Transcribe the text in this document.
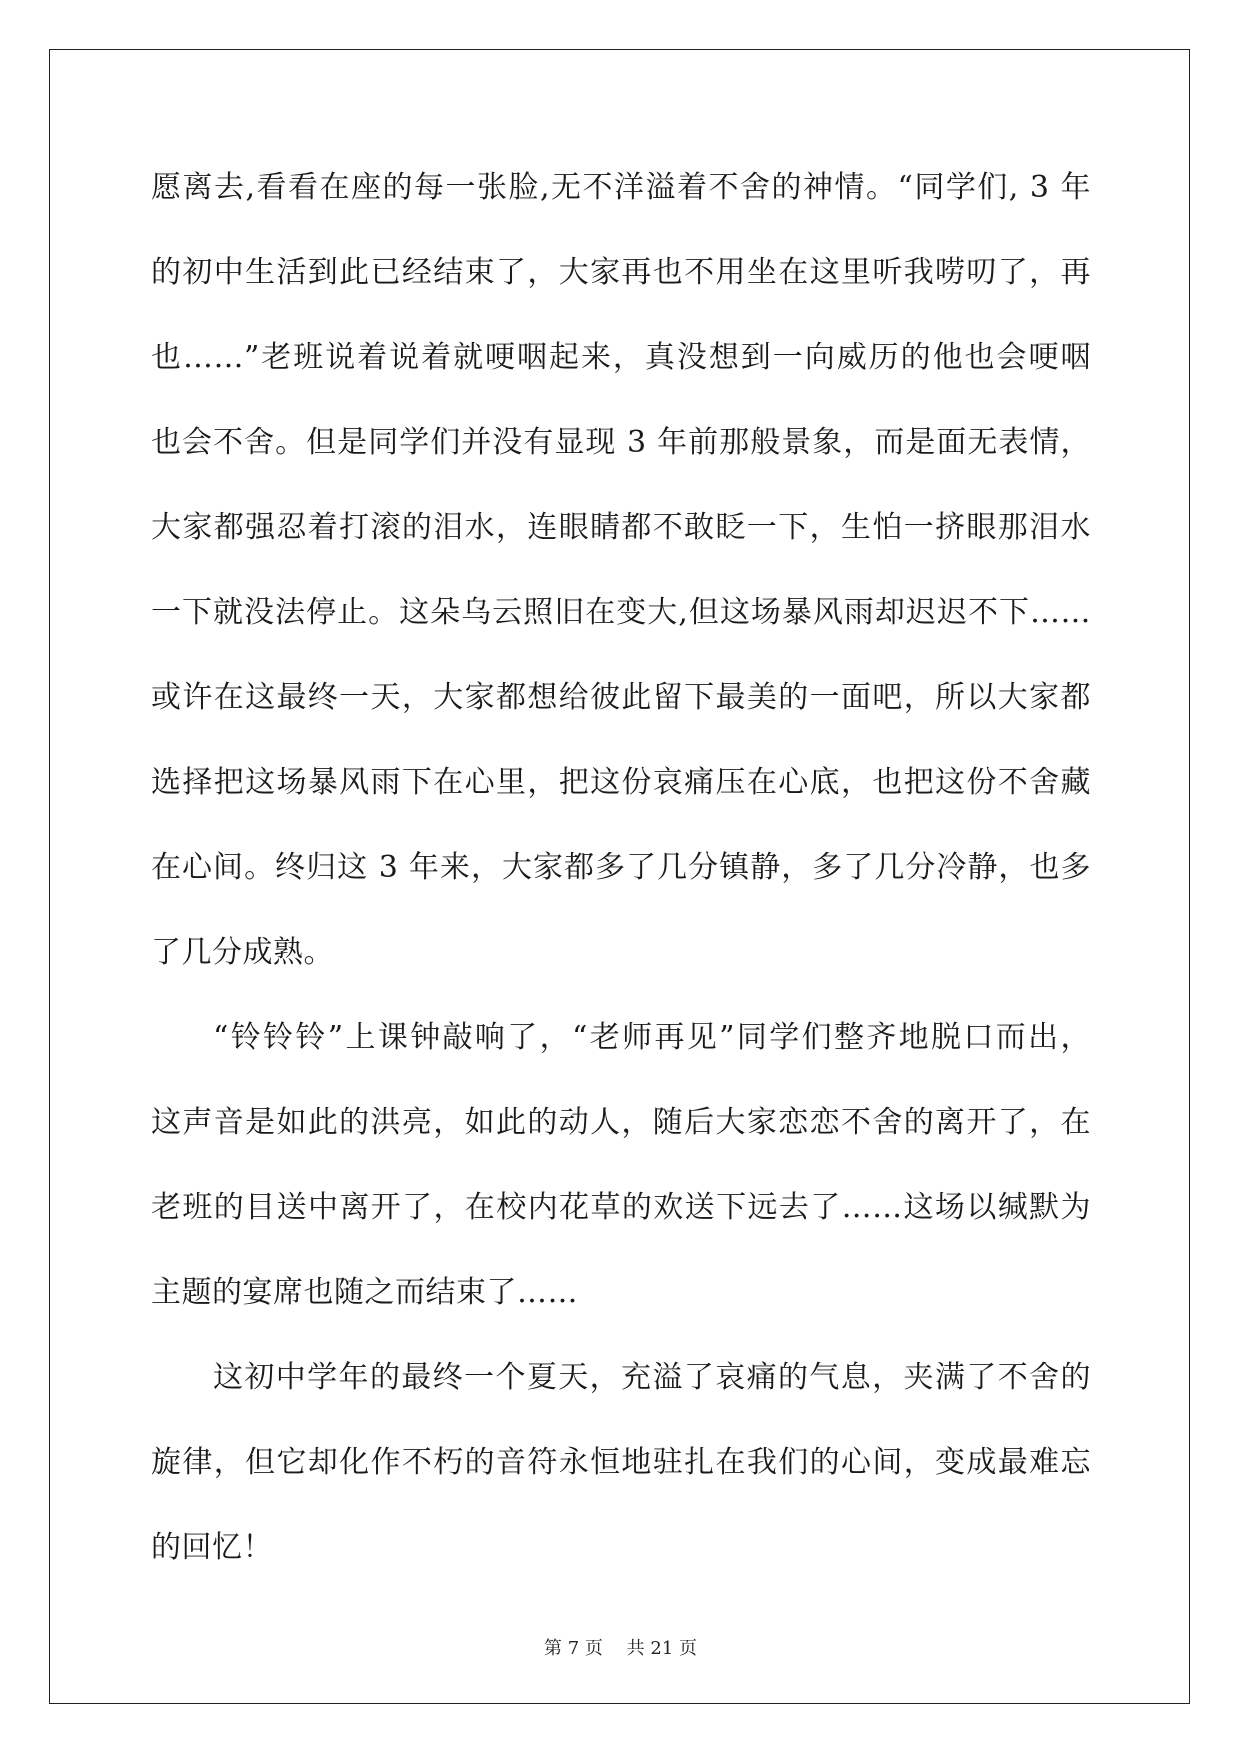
愿离去,看看在座的每一张脸,无不洋溢着不舍的神情。“同学们, 3 年
的初中生活到此已经结束了，大家再也不用坐在这里听我唠叨了，再
也……”老班说着说着就哽咽起来，真没想到一向威历的他也会哽咽
也会不舍。但是同学们并没有显现 3 年前那般景象，而是面无表情，
大家都强忍着打滚的泪水，连眼睛都不敢眨一下，生怕一挤眼那泪水
一下就没法停止。这朵乌云照旧在变大,但这场暴风雨却迟迟不下……
或许在这最终一天，大家都想给彼此留下最美的一面吧，所以大家都
选择把这场暴风雨下在心里，把这份哀痛压在心底，也把这份不舍藏
在心间。终归这 3 年来，大家都多了几分镇静，多了几分冷静，也多
了几分成熟。
“铃铃铃”上课钟敲响了，“老师再见”同学们整齐地脱口而出，
这声音是如此的洪亮，如此的动人，随后大家恋恋不舍的离开了，在
老班的目送中离开了，在校内花草的欢送下远去了……这场以缄默为
主题的宴席也随之而结束了……
这初中学年的最终一个夏天，充溢了哀痛的气息，夹满了不舍的
旋律，但它却化作不朽的音符永恒地驻扎在我们的心间，变成最难忘
的回忆！
第 7 页 共 21 页
